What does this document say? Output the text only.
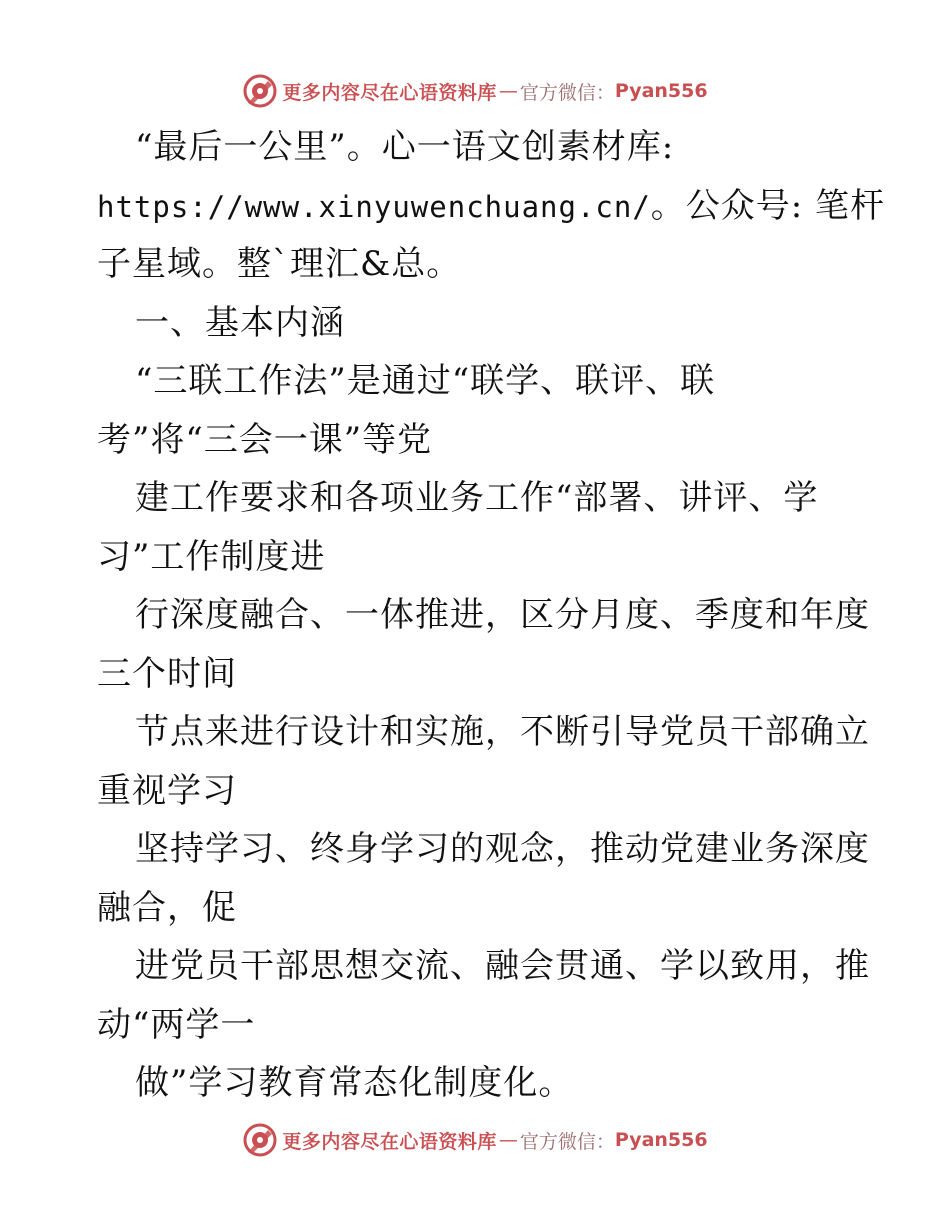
更多内容尽在心语资料库 — 官方微信： Pyan556
“最后一公里”。心一语文创素材库:
https://www.xinyuwenchuang.cn/。公众号: 笔杆
子星域。整`理汇&总。
一、基本内涵
“三联工作法”是通过“联学、联评、联
考”将“三会一课”等党
建工作要求和各项业务工作“部署、讲评、学
习”工作制度进
行深度融合、一体推进，区分月度、季度和年度
三个时间
节点来进行设计和实施，不断引导党员干部确立
重视学习
坚持学习、终身学习的观念，推动党建业务深度
融合，促
进党员干部思想交流、融会贯通、学以致用，推
动“两学一
做”学习教育常态化制度化。
更多内容尽在心语资料库 — 官方微信： Pyan556
